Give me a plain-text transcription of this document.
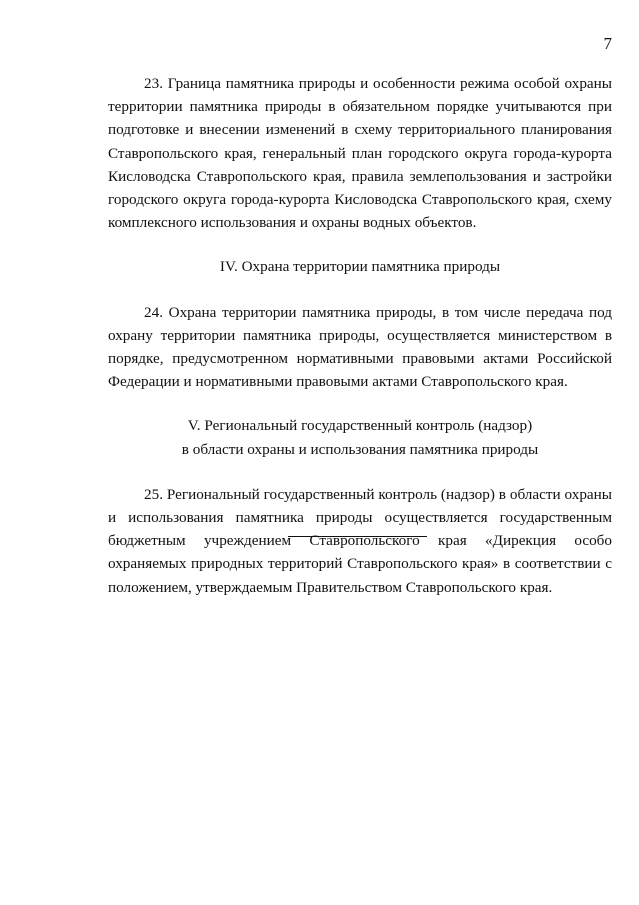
7

23. Граница памятника природы и особенности режима особой охраны территории памятника природы в обязательном порядке учитываются при подготовке и внесении изменений в схему территориального планирования Ставропольского края, генеральный план городского округа города-курорта Кисловодска Ставропольского края, правила землепользования и застройки городского округа города-курорта Кисловодска Ставропольского края, схему комплексного использования и охраны водных объектов.

IV. Охрана территории памятника природы

24. Охрана территории памятника природы, в том числе передача под охрану территории памятника природы, осуществляется министерством в порядке, предусмотренном нормативными правовыми актами Российской Федерации и нормативными правовыми актами Ставропольского края.

V. Региональный государственный контроль (надзор)
в области охраны и использования памятника природы

25. Региональный государственный контроль (надзор) в области охраны и использования памятника природы осуществляется государственным бюджетным учреждением Ставропольского края «Дирекция особо охраняемых природных территорий Ставропольского края» в соответствии с положением, утверждаемым Правительством Ставропольского края.
